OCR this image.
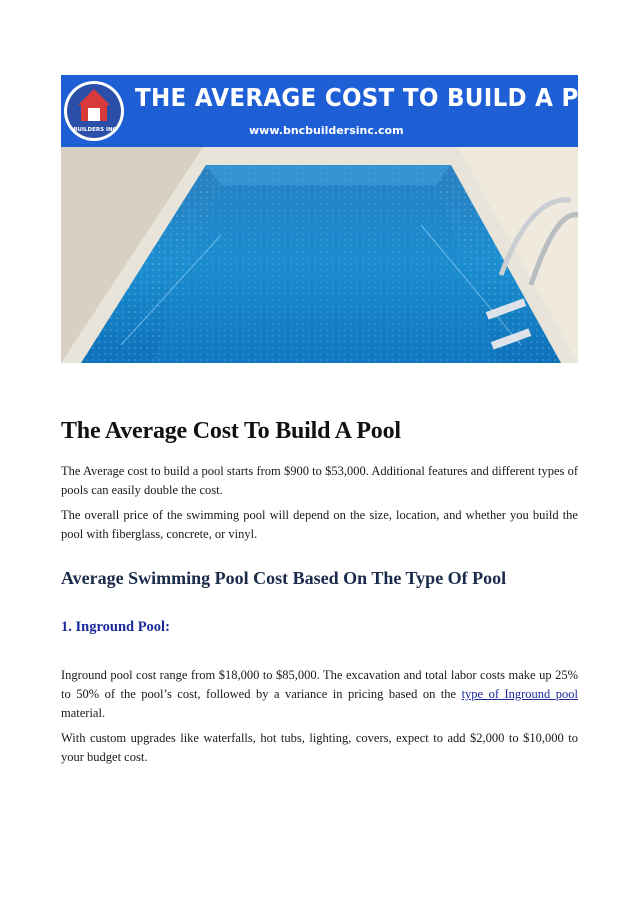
THE AVERAGE COST TO BUILD A POOL
www.bncbuildersinc.com
BUILDERS INC
The Average Cost To Build A Pool

The Average cost to build a pool starts from $900 to $53,000. Additional features and different types of pools can easily double the cost.

The overall price of the swimming pool will depend on the size, location, and whether you build the pool with fiberglass, concrete, or vinyl.

Average Swimming Pool Cost Based On The Type Of Pool
1. Inground Pool:

Inground pool cost range from $18,000 to $85,000. The excavation and total labor costs make up 25% to 50% of the pool’s cost, followed by a variance in pricing based on the type of Inground pool material.

With custom upgrades like waterfalls, hot tubs, lighting, covers, expect to add $2,000 to $10,000 to your budget cost.
